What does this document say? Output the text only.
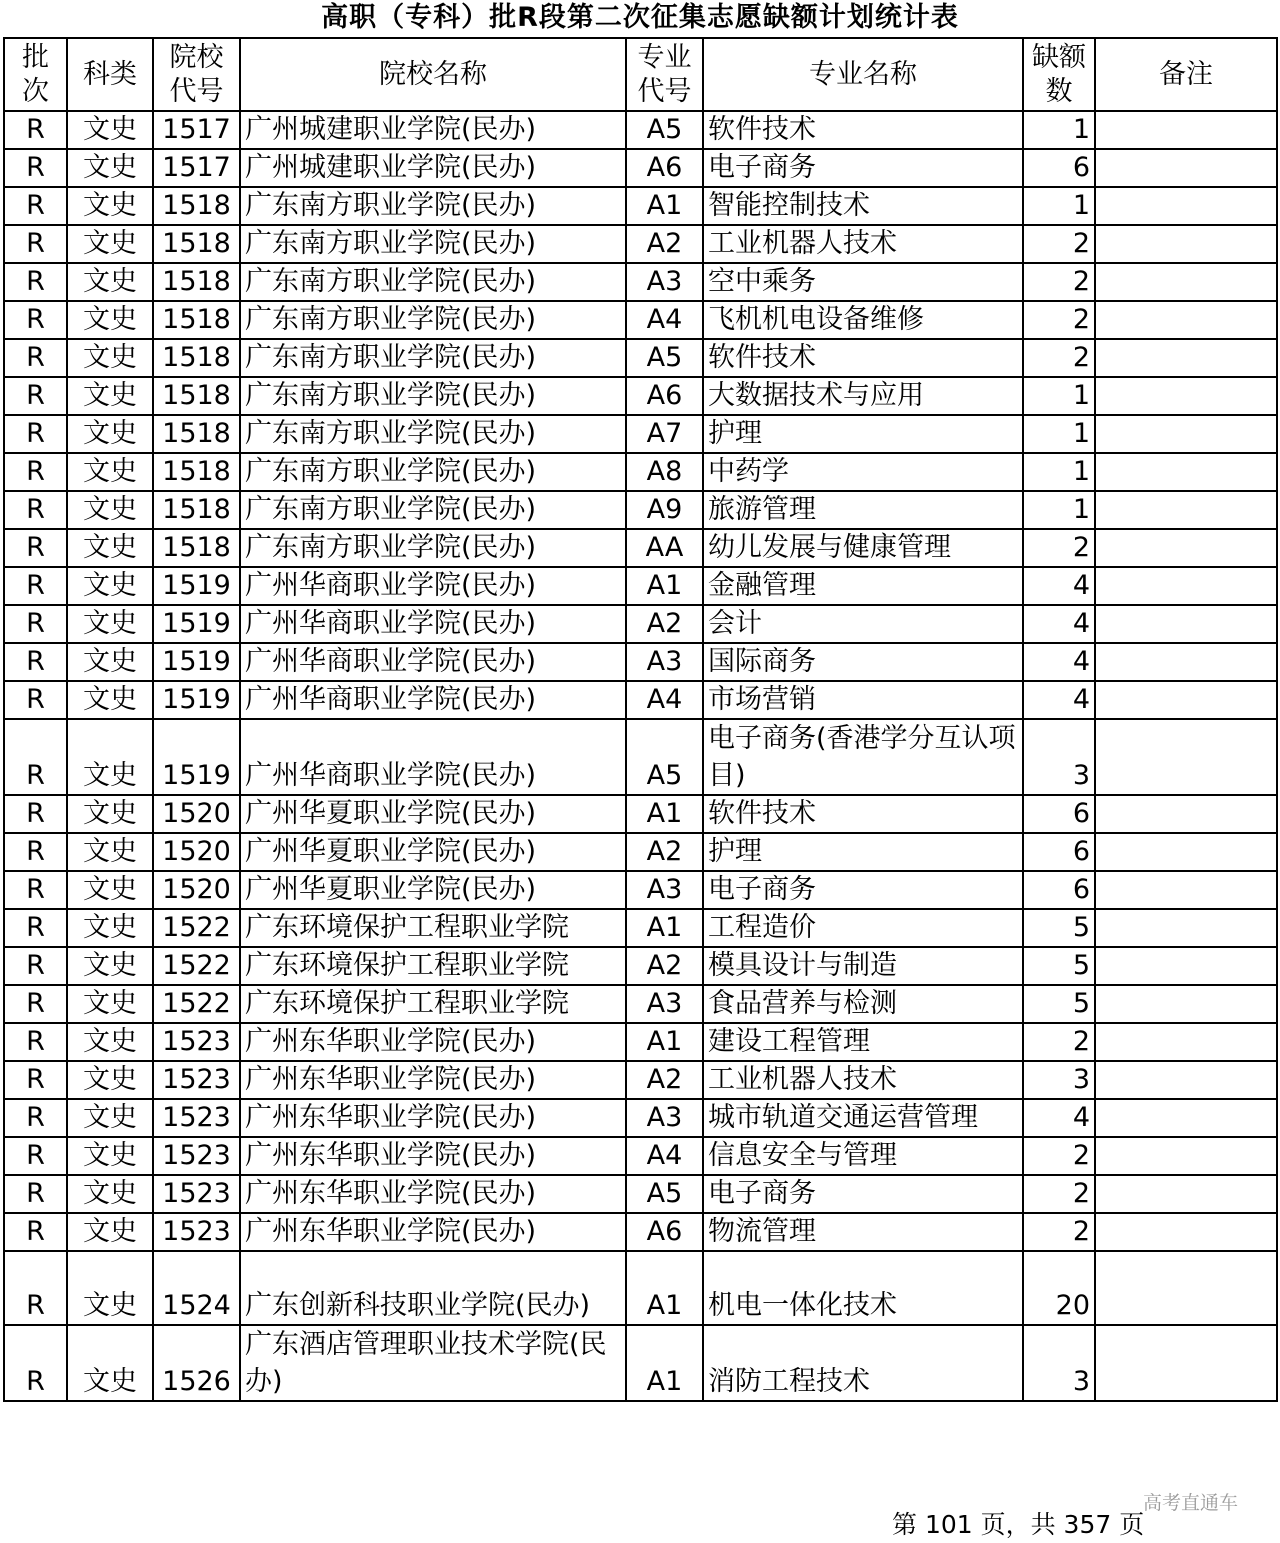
高职（专科）批R段第二次征集志愿缺额计划统计表
批次	科类	院校代号	院校名称	专业代号	专业名称	缺额数	备注
R	文史	1517	广州城建职业学院(民办)	A5	软件技术	1	
R	文史	1517	广州城建职业学院(民办)	A6	电子商务	6	
R	文史	1518	广东南方职业学院(民办)	A1	智能控制技术	1	
R	文史	1518	广东南方职业学院(民办)	A2	工业机器人技术	2	
R	文史	1518	广东南方职业学院(民办)	A3	空中乘务	2	
R	文史	1518	广东南方职业学院(民办)	A4	飞机机电设备维修	2	
R	文史	1518	广东南方职业学院(民办)	A5	软件技术	2	
R	文史	1518	广东南方职业学院(民办)	A6	大数据技术与应用	1	
R	文史	1518	广东南方职业学院(民办)	A7	护理	1	
R	文史	1518	广东南方职业学院(民办)	A8	中药学	1	
R	文史	1518	广东南方职业学院(民办)	A9	旅游管理	1	
R	文史	1518	广东南方职业学院(民办)	AA	幼儿发展与健康管理	2	
R	文史	1519	广州华商职业学院(民办)	A1	金融管理	4	
R	文史	1519	广州华商职业学院(民办)	A2	会计	4	
R	文史	1519	广州华商职业学院(民办)	A3	国际商务	4	
R	文史	1519	广州华商职业学院(民办)	A4	市场营销	4	
R	文史	1519	广州华商职业学院(民办)	A5	电子商务(香港学分互认项目)	3	
R	文史	1520	广州华夏职业学院(民办)	A1	软件技术	6	
R	文史	1520	广州华夏职业学院(民办)	A2	护理	6	
R	文史	1520	广州华夏职业学院(民办)	A3	电子商务	6	
R	文史	1522	广东环境保护工程职业学院	A1	工程造价	5	
R	文史	1522	广东环境保护工程职业学院	A2	模具设计与制造	5	
R	文史	1522	广东环境保护工程职业学院	A3	食品营养与检测	5	
R	文史	1523	广州东华职业学院(民办)	A1	建设工程管理	2	
R	文史	1523	广州东华职业学院(民办)	A2	工业机器人技术	3	
R	文史	1523	广州东华职业学院(民办)	A3	城市轨道交通运营管理	4	
R	文史	1523	广州东华职业学院(民办)	A4	信息安全与管理	2	
R	文史	1523	广州东华职业学院(民办)	A5	电子商务	2	
R	文史	1523	广州东华职业学院(民办)	A6	物流管理	2	
R	文史	1524	广东创新科技职业学院(民办)	A1	机电一体化技术	20	
R	文史	1526	广东酒店管理职业技术学院(民办)	A1	消防工程技术	3	
高考直通车
第 101 页，共 357 页
